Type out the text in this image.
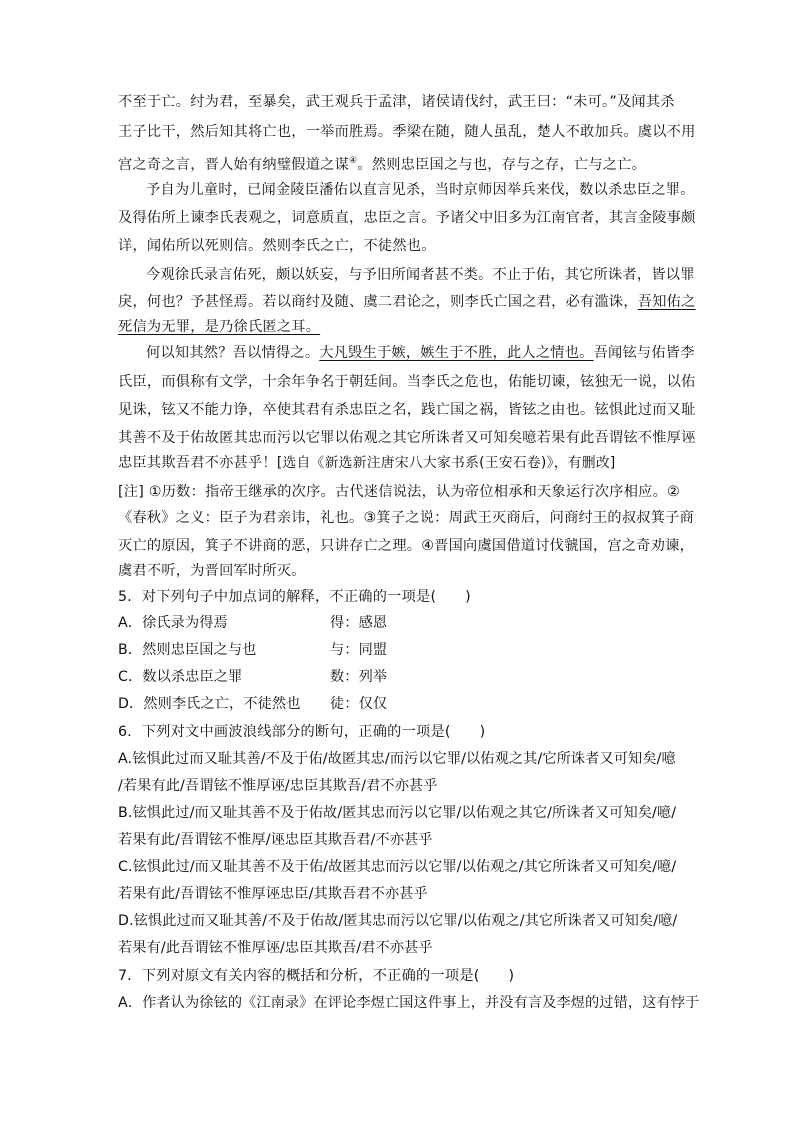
不至于亡。纣为君，至暴矣，武王观兵于孟津，诸侯请伐纣，武王曰：“未可。”及闻其杀
王子比干，然后知其将亡也，一举而胜焉。季梁在随，随人虽乱，楚人不敢加兵。虞以不用
宫之奇之言，晋人始有纳璧假道之谋④。然则忠臣国之与也，存与之存，亡与之亡。
予自为儿童时，已闻金陵臣潘佑以直言见杀，当时京师因举兵来伐，数以杀忠臣之罪。
及得佑所上谏李氏表观之，词意质直，忠臣之言。予诸父中旧多为江南官者，其言金陵事颇
详，闻佑所以死则信。然则李氏之亡，不徒然也。
今观徐氏录言佑死，颇以妖妄，与予旧所闻者甚不类。不止于佑，其它所诛者，皆以罪
戾，何也？予甚怪焉。若以商纣及随、虞二君论之，则李氏亡国之君，必有滥诛，吾知佑之
死信为无罪，是乃徐氏匿之耳。
何以知其然？吾以情得之。大凡毁生于嫉，嫉生于不胜，此人之情也。吾闻铉与佑皆李
氏臣，而俱称有文学，十余年争名于朝廷间。当李氏之危也，佑能切谏，铉独无一说，以佑
见诛，铉又不能力诤，卒使其君有杀忠臣之名，践亡国之祸，皆铉之由也。铉惧此过而又耻
其善不及于佑故匿其忠而污以它罪以佑观之其它所诛者又可知矣噫若果有此吾谓铉不惟厚诬
忠臣其欺吾君不亦甚乎！[选自《新选新注唐宋八大家书系(王安石卷)》，有删改]
[注] ①历数：指帝王继承的次序。古代迷信说法，认为帝位相承和天象运行次序相应。②
《春秋》之义：臣子为君亲讳，礼也。③箕子之说：周武王灭商后，问商纣王的叔叔箕子商
灭亡的原因，箕子不讲商的恶，只讲存亡之理。④晋国向虞国借道讨伐虢国，宫之奇劝谏，
虞君不听，为晋回军时所灭。
5．对下列句子中加点词的解释，不正确的一项是(　　)
A．徐氏录为得焉	得：感恩
B．然则忠臣国之与也	与：同盟
C．数以杀忠臣之罪	数：列举
D．然则李氏之亡，不徒然也 徒：仅仅
6．下列对文中画波浪线部分的断句，正确的一项是(　　)
A.铉惧此过而又耻其善/不及于佑/故匿其忠/而污以它罪/以佑观之其/它所诛者又可知矣/噫
/若果有此/吾谓铉不惟厚诬/忠臣其欺吾/君不亦甚乎
B.铉惧此过/而又耻其善不及于佑故/匿其忠而污以它罪/以佑观之其它/所诛者又可知矣/噫/
若果有此/吾谓铉不惟厚/诬忠臣其欺吾君/不亦甚乎
C.铉惧此过/而又耻其善不及于佑/故匿其忠而污以它罪/以佑观之/其它所诛者又可知矣/噫/
若果有此/吾谓铉不惟厚诬忠臣/其欺吾君不亦甚乎
D.铉惧此过而又耻其善/不及于佑故/匿其忠而污以它罪/以佑观之/其它所诛者又可知矣/噫/
若果有/此吾谓铉不惟厚诬/忠臣其欺吾/君不亦甚乎
7．下列对原文有关内容的概括和分析，不正确的一项是(　　)
A．作者认为徐铉的《江南录》在评论李煜亡国这件事上，并没有言及李煜的过错，这有悖于
